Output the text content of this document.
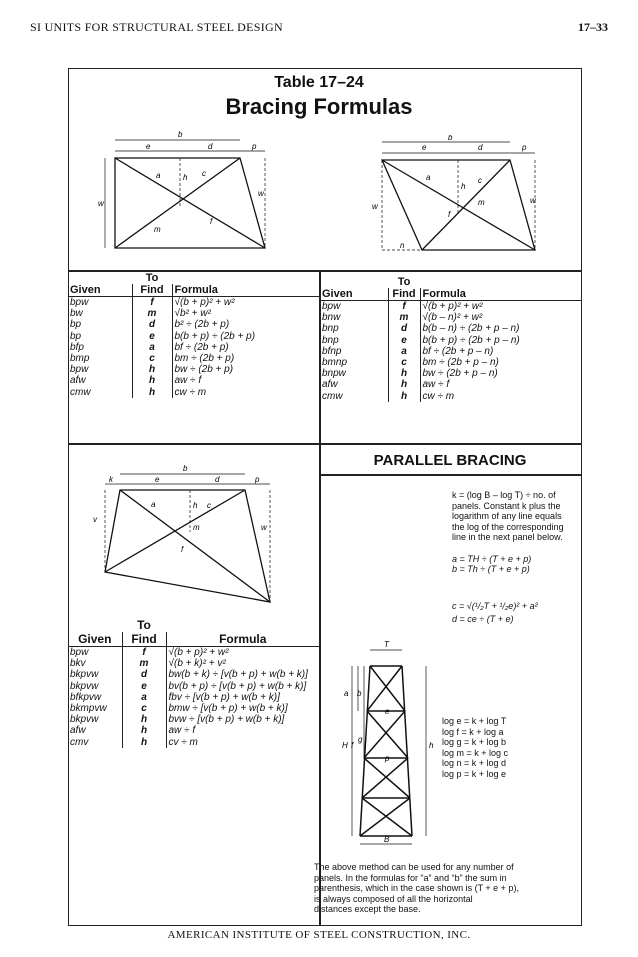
SI UNITS FOR STRUCTURAL STEEL DESIGN	17–33
Table 17–24
Bracing Formulas
b
e	d	p
w
w
h
a	c
f
m
b
e	d	p
w
w
h
a	c
f
m
n
	To	
Given	Find	Formula
bpw	f	√(b + p)² + w²
bw	m	√b² + w²
bp	d	b² ÷ (2b + p)
bp	e	b(b + p) ÷ (2b + p)
bfp	a	bf ÷ (2b + p)
bmp	c	bm ÷ (2b + p)
bpw	h	bw ÷ (2b + p)
afw	h	aw ÷ f
cmw	h	cw ÷ m
	To	
Given	Find	Formula
bpw	f	√(b + p)² + w²
bnw	m	√(b – n)² + w²
bnp	d	b(b – n) ÷ (2b + p – n)
bnp	e	b(b + p) ÷ (2b + p – n)
bfnp	a	bf ÷ (2b + p – n)
bmnp	c	bm ÷ (2b + p – n)
bnpw	h	bw ÷ (2b + p – n)
afw	h	aw ÷ f
cmw	h	cw ÷ m
b
k	e	d	p
v
w
h
a	c
f
m
	To	
Given	Find	Formula
bpw	f	√(b + p)² + w²
bkv	m	√(b + k)² + v²
bkpvw	d	bw(b + k) ÷ [v(b + p) + w(b + k)]
bkpvw	e	bv(b + p) ÷ [v(b + p) + w(b + k)]
bfkpvw	a	fbv ÷ [v(b + p) + w(b + k)]
bkmpvw	c	bmw ÷ [v(b + p) + w(b + k)]
bkpvw	h	bvw ÷ [v(b + p) + w(b + k)]
afw	h	aw ÷ f
cmv	h	cv ÷ m
PARALLEL BRACING
k = (log B – log T) ÷ no. of
panels. Constant k plus the
logarithm of any line equals
the log of the corresponding
line in the next panel below.
a = TH ÷ (T + e + p)
b = Th ÷ (T + e + p)
c = √(¹/₂T + ¹/₂e)² + a²
d = ce ÷ (T + e)
log e = k + log T
log f = k + log a
log g = k + log b
log m = k + log c
log n = k + log d
log p = k + log e
T
B
H	h
a b
f
g
e
p
The above method can be used for any number of
panels. In the formulas for “a” and “b” the sum in
parenthesis, which in the case shown is (T + e + p),
is always composed of all the horizontal
distances except the base.
AMERICAN INSTITUTE OF STEEL CONSTRUCTION, INC.
